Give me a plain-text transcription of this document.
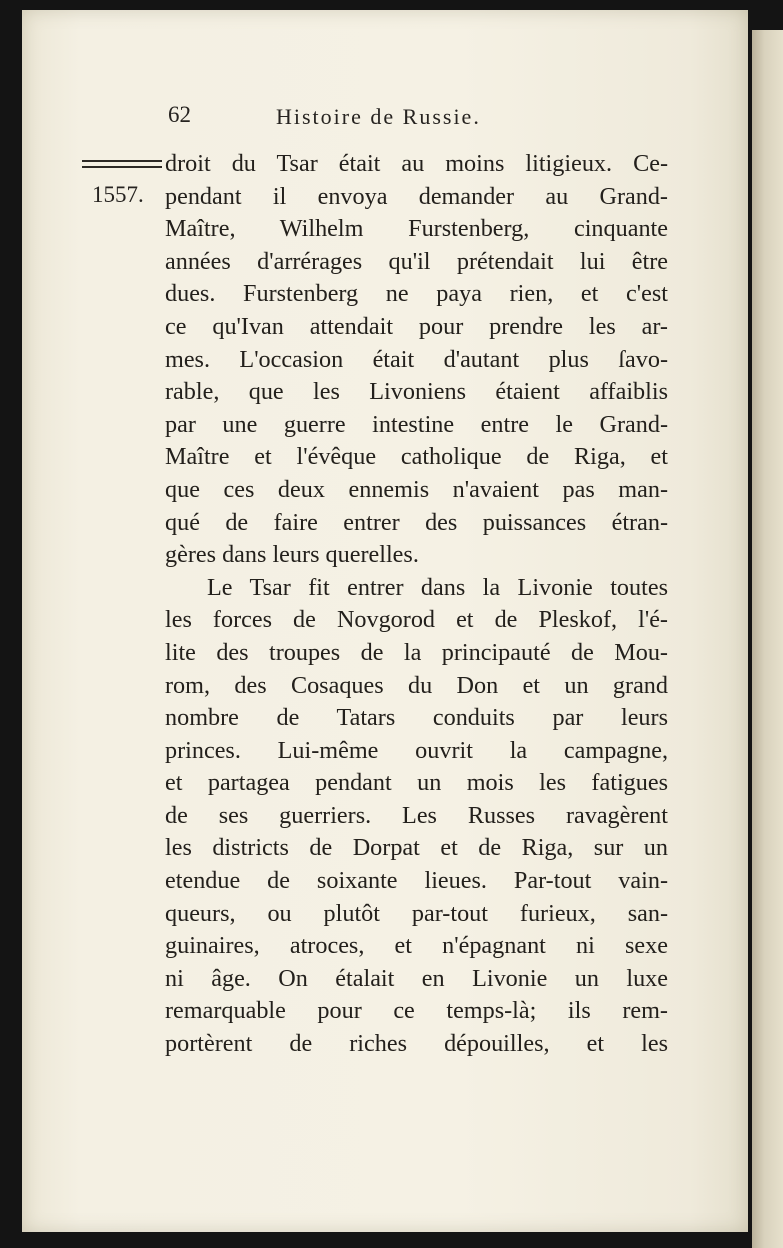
62	Histoire de Russie.
1557.
droit du Tsar était au moins litigieux. Ce-
pendant il envoya demander au Grand-
Maître, Wilhelm Furstenberg, cinquante
années d'arrérages qu'il prétendait lui être
dues. Furstenberg ne paya rien, et c'est
ce qu'Ivan attendait pour prendre les ar-
mes. L'occasion était d'autant plus ſavo-
rable, que les Livoniens étaient affaiblis
par une guerre intestine entre le Grand-
Maître et l'évêque catholique de Riga, et
que ces deux ennemis n'avaient pas man-
qué de faire entrer des puissances étran-
gères dans leurs querelles.
Le Tsar fit entrer dans la Livonie toutes
les forces de Novgorod et de Pleskof, l'é-
lite des troupes de la principauté de Mou-
rom, des Cosaques du Don et un grand
nombre de Tatars conduits par leurs
princes. Lui-même ouvrit la campagne,
et partagea pendant un mois les fatigues
de ses guerriers. Les Russes ravagèrent
les districts de Dorpat et de Riga, sur un
etendue de soixante lieues. Par-tout vain-
queurs, ou plutôt par-tout furieux, san-
guinaires, atroces, et n'épagnant ni sexe
ni âge. On étalait en Livonie un luxe
remarquable pour ce temps-là; ils rem-
portèrent de riches dépouilles, et les
